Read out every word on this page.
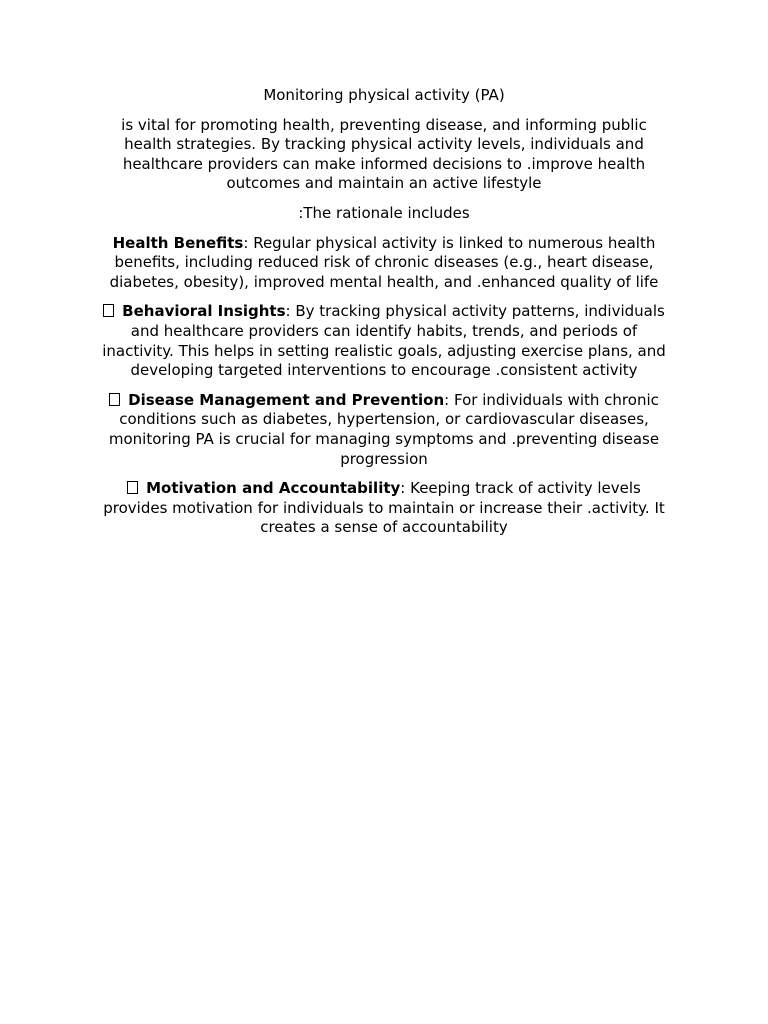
Monitoring physical activity (PA)

is vital for promoting health, preventing disease, and informing public health strategies. By tracking physical activity levels, individuals and healthcare providers can make informed decisions to .improve health outcomes and maintain an active lifestyle

:The rationale includes

Health Benefits: Regular physical activity is linked to numerous health benefits, including reduced risk of chronic diseases (e.g., heart disease, diabetes, obesity), improved mental health, and .enhanced quality of life

Behavioral Insights: By tracking physical activity patterns, individuals and healthcare providers can identify habits, trends, and periods of inactivity. This helps in setting realistic goals, adjusting exercise plans, and developing targeted interventions to encourage .consistent activity

Disease Management and Prevention: For individuals with chronic conditions such as diabetes, hypertension, or cardiovascular diseases, monitoring PA is crucial for managing symptoms and .preventing disease progression

Motivation and Accountability: Keeping track of activity levels provides motivation for individuals to maintain or increase their .activity. It creates a sense of accountability
